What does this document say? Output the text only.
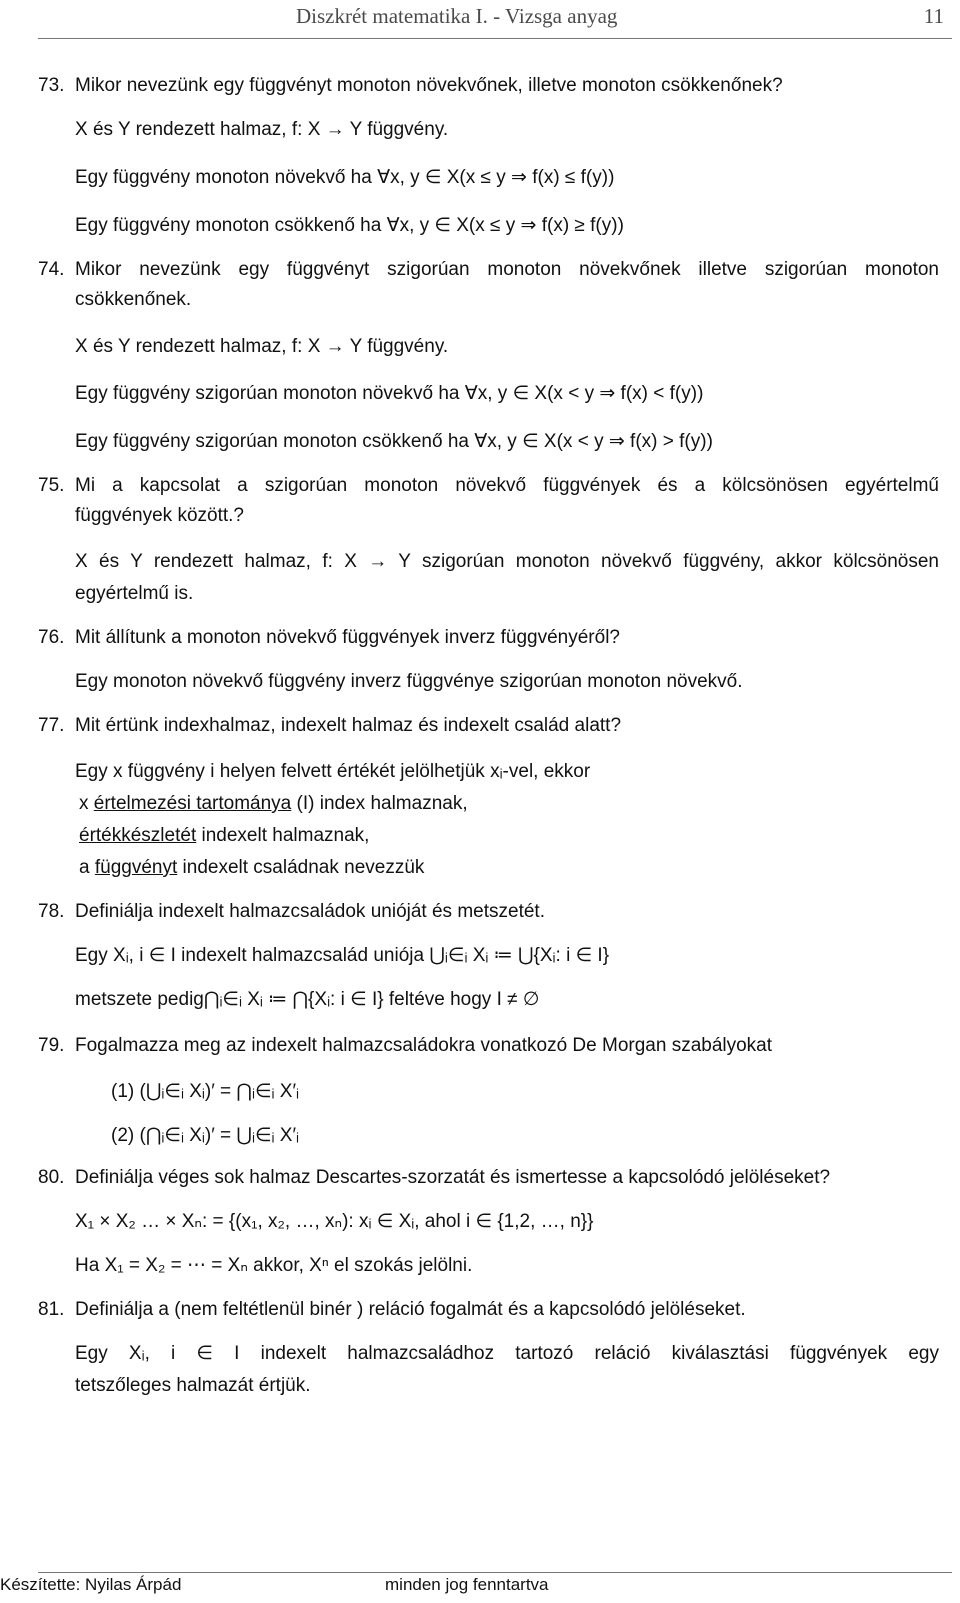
Diszkrét matematika I. - Vizsga anyag	11
73. Mikor nevezünk egy függvényt monoton növekvőnek, illetve monoton csökkenőnek?
X és Y rendezett halmaz, f: X → Y függvény.
Egy függvény monoton növekvő ha ∀x, y ∈ X(x ≤ y ⇒ f(x) ≤ f(y))
Egy függvény monoton csökkenő ha ∀x, y ∈ X(x ≤ y ⇒ f(x) ≥ f(y))
74. Mikor nevezünk egy függvényt szigorúan monoton növekvőnek illetve szigorúan monoton
csökkenőnek.
X és Y rendezett halmaz, f: X → Y függvény.
Egy függvény szigorúan monoton növekvő ha ∀x, y ∈ X(x < y ⇒ f(x) < f(y))
Egy függvény szigorúan monoton csökkenő ha ∀x, y ∈ X(x < y ⇒ f(x) > f(y))
75. Mi a kapcsolat a szigorúan monoton növekvő függvények és a kölcsönösen egyértelmű
függvények között.?
X és Y rendezett halmaz, f: X → Y szigorúan monoton növekvő függvény, akkor kölcsönösen
egyértelmű is.
76. Mit állítunk a monoton növekvő függvények inverz függvényéről?
Egy monoton növekvő függvény inverz függvénye szigorúan monoton növekvő.
77. Mit értünk indexhalmaz, indexelt halmaz és indexelt család alatt?
Egy x függvény i helyen felvett értékét jelölhetjük xᵢ-vel, ekkor
x értelmezési tartománya (I) index halmaznak,
értékkészletét indexelt halmaznak,
a függvényt indexelt családnak nevezzük
78. Definiálja indexelt halmazcsaládok unióját és metszetét.
Egy Xᵢ, i ∈ I indexelt halmazcsalád uniója ⋃ᵢ∈ᵢ Xᵢ ≔ ⋃{Xᵢ: i ∈ I}
metszete pedig⋂ᵢ∈ᵢ Xᵢ ≔ ⋂{Xᵢ: i ∈ I} feltéve hogy I ≠ ∅
79. Fogalmazza meg az indexelt halmazcsaládokra vonatkozó De Morgan szabályokat
(1) (⋃ᵢ∈ᵢ Xᵢ)′ = ⋂ᵢ∈ᵢ X′ᵢ
(2) (⋂ᵢ∈ᵢ Xᵢ)′ = ⋃ᵢ∈ᵢ X′ᵢ
80. Definiálja véges sok halmaz Descartes-szorzatát és ismertesse a kapcsolódó jelöléseket?
X₁ × X₂ … × Xₙ: = {(x₁, x₂, …, xₙ): xᵢ ∈ Xᵢ, ahol i ∈ {1,2, …, n}}
Ha X₁ = X₂ = ⋯ = Xₙ akkor, Xⁿ el szokás jelölni.
81. Definiálja a (nem feltétlenül binér ) reláció fogalmát és a kapcsolódó jelöléseket.
Egy Xᵢ, i ∈ I indexelt halmazcsaládhoz tartozó reláció kiválasztási függvények egy
tetszőleges halmazát értjük.
Készítette: Nyilas Árpád	minden jog fenntartva
